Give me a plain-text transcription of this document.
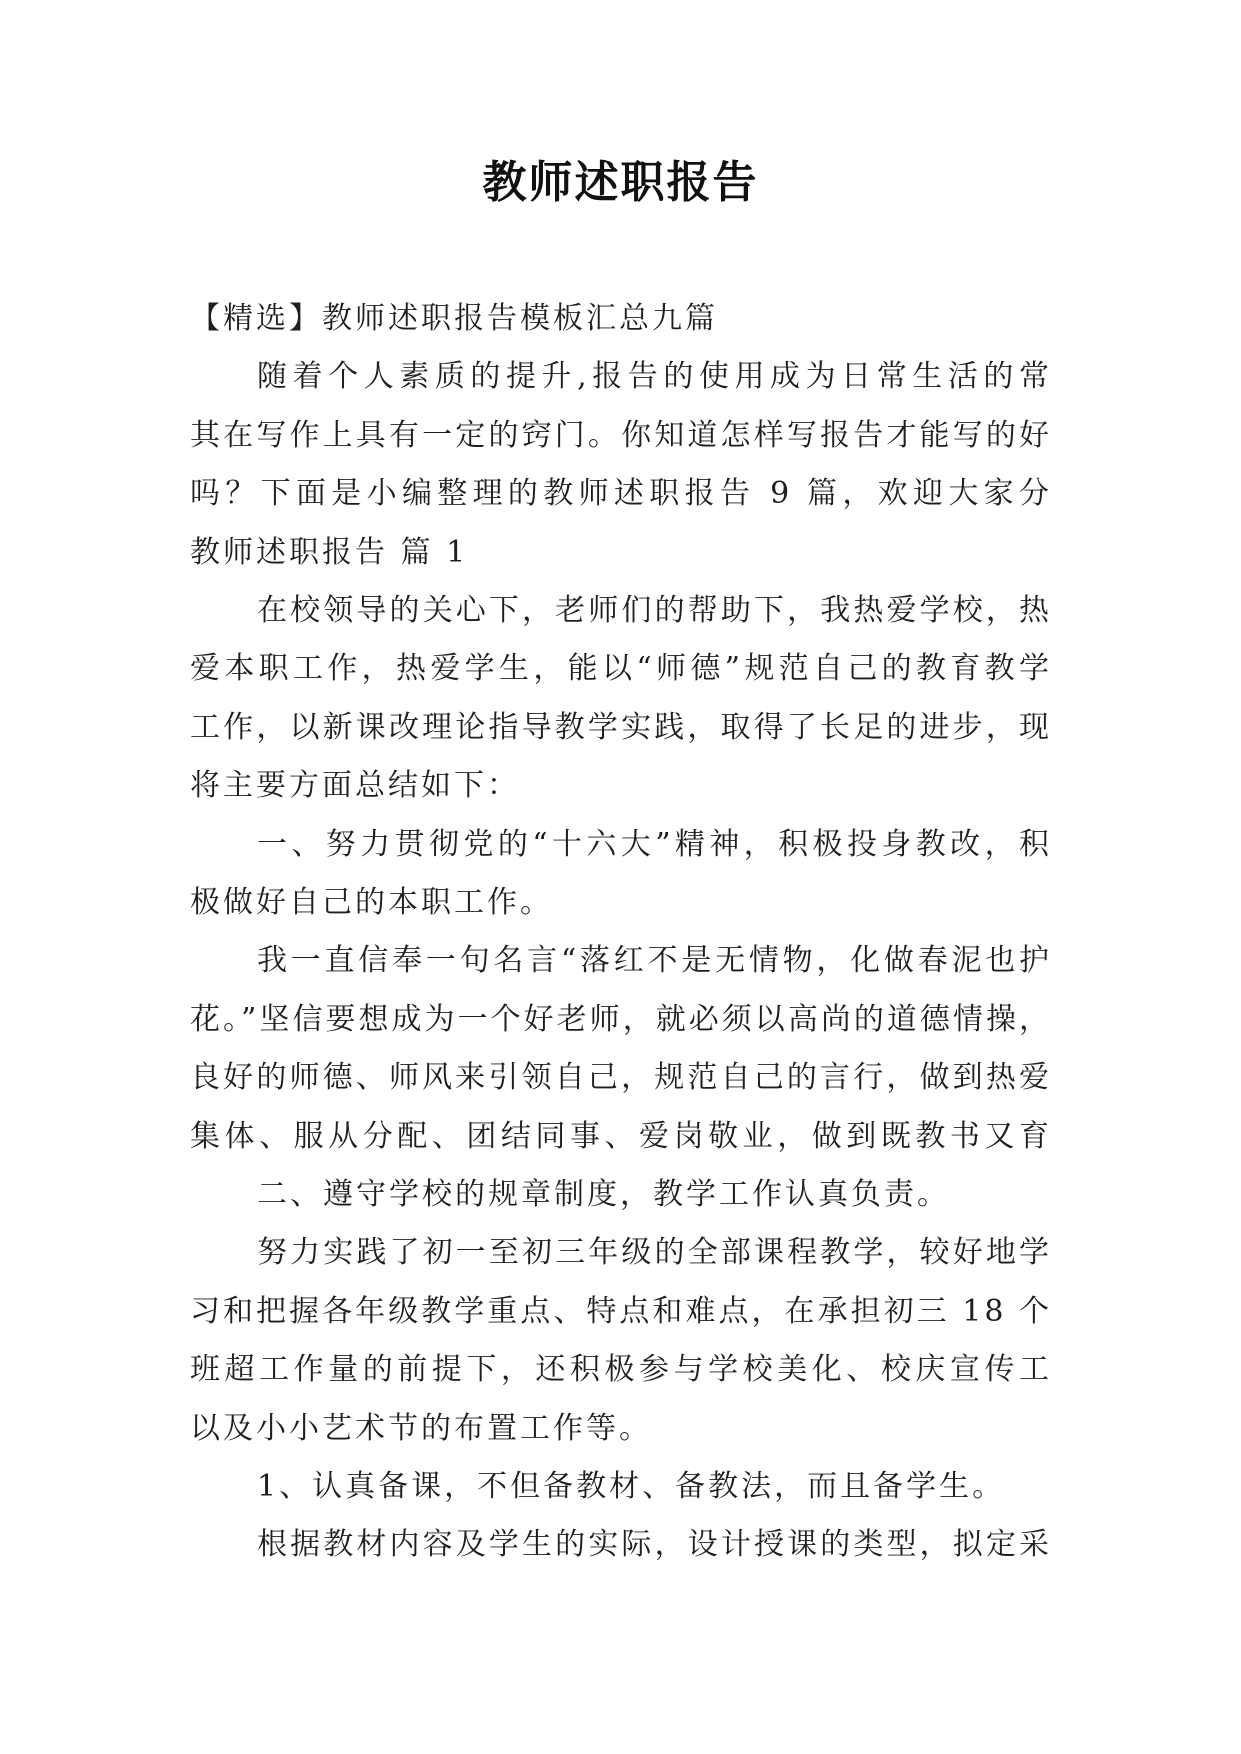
教师述职报告
【精选】教师述职报告模板汇总九篇
随着个人素质的提升,报告的使用成为日常生活的常
其在写作上具有一定的窍门。你知道怎样写报告才能写的好
吗？下面是小编整理的教师述职报告 9 篇，欢迎大家分
教师述职报告 篇 1
在校领导的关心下，老师们的帮助下，我热爱学校，热
爱本职工作，热爱学生，能以“师德”规范自己的教育教学
工作，以新课改理论指导教学实践，取得了长足的进步，现
将主要方面总结如下：
一、努力贯彻党的“十六大”精神，积极投身教改，积
极做好自己的本职工作。
我一直信奉一句名言“落红不是无情物，化做春泥也护
花。”坚信要想成为一个好老师，就必须以高尚的道德情操，
良好的师德、师风来引领自己，规范自己的言行，做到热爱
集体、服从分配、团结同事、爱岗敬业，做到既教书又育
二、遵守学校的规章制度，教学工作认真负责。
努力实践了初一至初三年级的全部课程教学，较好地学
习和把握各年级教学重点、特点和难点，在承担初三 18 个
班超工作量的前提下，还积极参与学校美化、校庆宣传工
以及小小艺术节的布置工作等。
1、认真备课，不但备教材、备教法，而且备学生。
根据教材内容及学生的实际，设计授课的类型，拟定采
